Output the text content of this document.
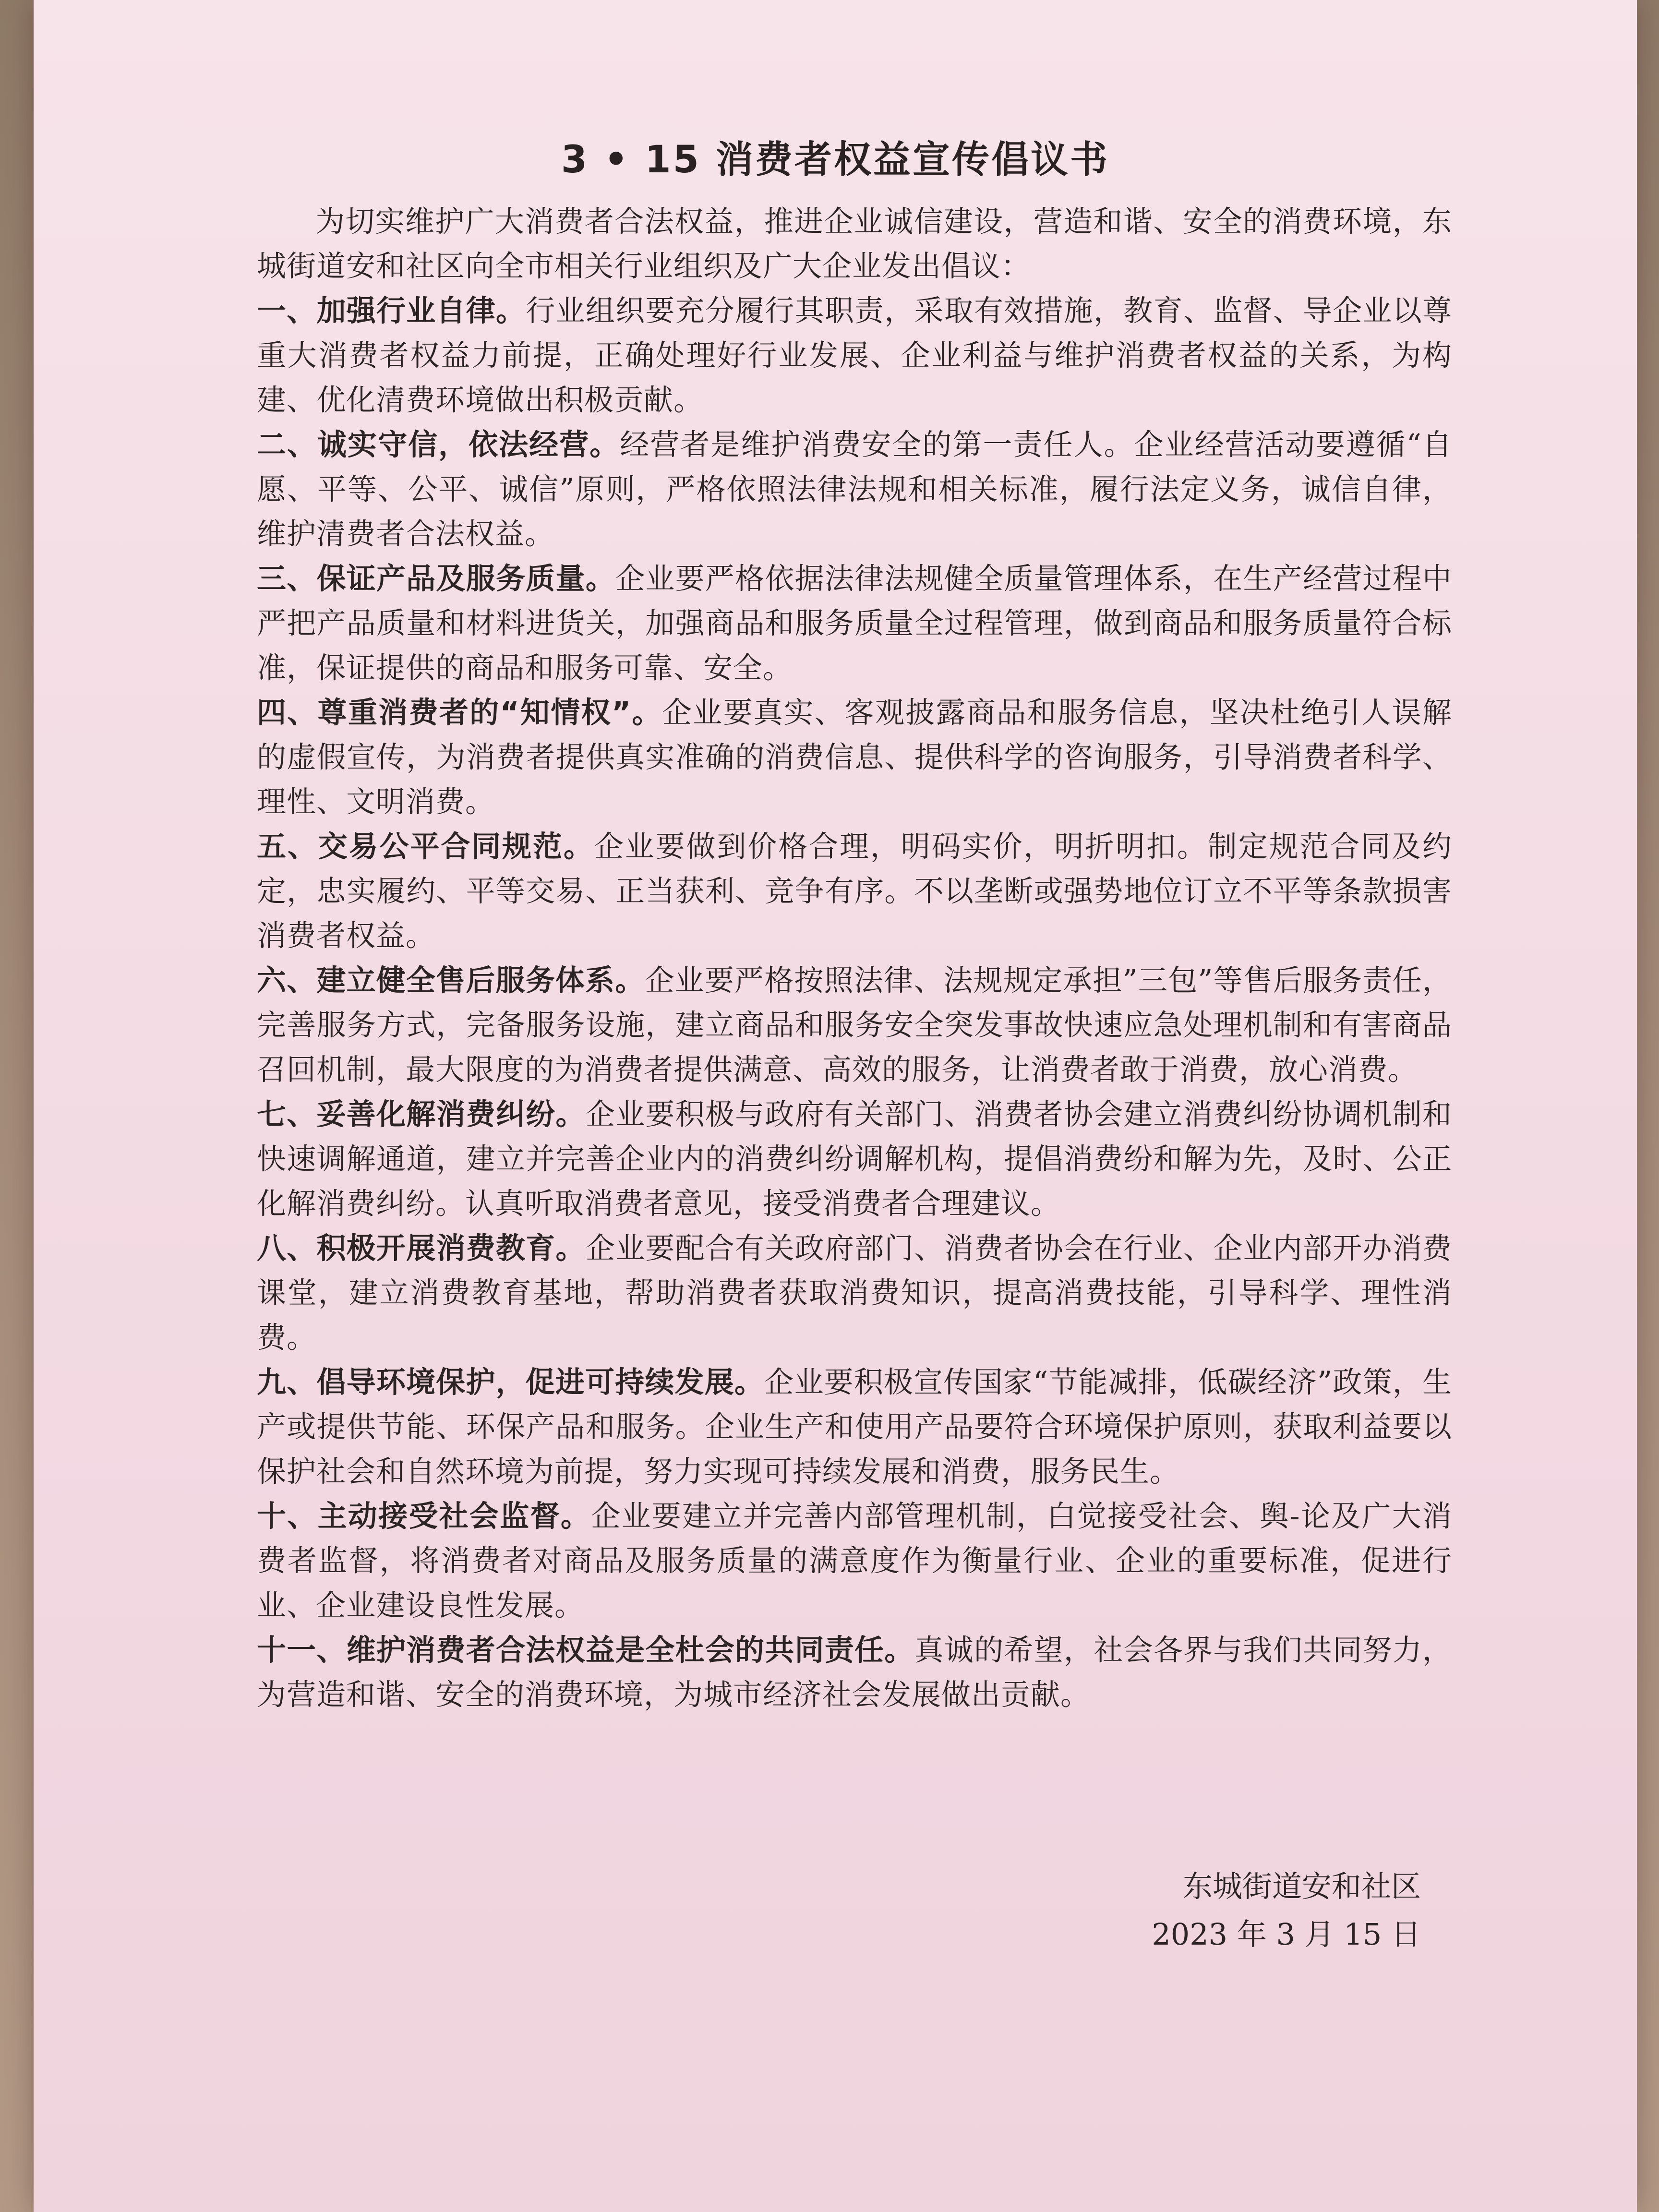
3 • 15 消费者权益宣传倡议书

为切实维护广大消费者合法权益，推进企业诚信建设，营造和谐、安全的消费环境，东城街道安和社区向全市相关行业组织及广大企业发出倡议：

一、加强行业自律。行业组织要充分履行其职责，采取有效措施，教育、监督、导企业以尊重大消费者权益力前提，正确处理好行业发展、企业利益与维护消费者权益的关系，为构建、优化清费环境做出积极贡献。

二、诚实守信，依法经营。经营者是维护消费安全的第一责任人。企业经营活动要遵循“自愿、平等、公平、诚信”原则，严格依照法律法规和相关标准，履行法定义务，诚信自律，维护清费者合法权益。

三、保证产品及服务质量。企业要严格依据法律法规健全质量管理体系，在生产经营过程中严把产品质量和材料进货关，加强商品和服务质量全过程管理，做到商品和服务质量符合标准，保证提供的商品和服务可靠、安全。

四、尊重消费者的“知情权”。企业要真实、客观披露商品和服务信息，坚决杜绝引人误解的虚假宣传，为消费者提供真实准确的消费信息、提供科学的咨询服务，引导消费者科学、理性、文明消费。

五、交易公平合同规范。企业要做到价格合理，明码实价，明折明扣。制定规范合同及约定，忠实履约、平等交易、正当获利、竞争有序。不以垄断或强势地位订立不平等条款损害消费者权益。

六、建立健全售后服务体系。企业要严格按照法律、法规规定承担”三包”等售后服务责任，完善服务方式，完备服务设施，建立商品和服务安全突发事故快速应急处理机制和有害商品召回机制，最大限度的为消费者提供满意、高效的服务，让消费者敢于消费，放心消费。

七、妥善化解消费纠纷。企业要积极与政府有关部门、消费者协会建立消费纠纷协调机制和快速调解通道，建立并完善企业内的消费纠纷调解机构，提倡消费纷和解为先，及时、公正化解消费纠纷。认真听取消费者意见，接受消费者合理建议。

八、积极开展消费教育。企业要配合有关政府部门、消费者协会在行业、企业内部开办消费课堂，建立消费教育基地，帮助消费者获取消费知识，提高消费技能，引导科学、理性消费。

九、倡导环境保护，促进可持续发展。企业要积极宣传国家“节能减排，低碳经济”政策，生产或提供节能、环保产品和服务。企业生产和使用产品要符合环境保护原则，获取利益要以保护社会和自然环境为前提，努力实现可持续发展和消费，服务民生。

十、主动接受社会监督。企业要建立并完善内部管理机制，白觉接受社会、舆-论及广大消费者监督，将消费者对商品及服务质量的满意度作为衡量行业、企业的重要标准，促进行业、企业建设良性发展。

十一、维护消费者合法权益是全杜会的共同责任。真诚的希望，社会各界与我们共同努力，为营造和谐、安全的消费环境，为城市经济社会发展做出贡献。

东城街道安和社区
2023 年 3 月 15 日
